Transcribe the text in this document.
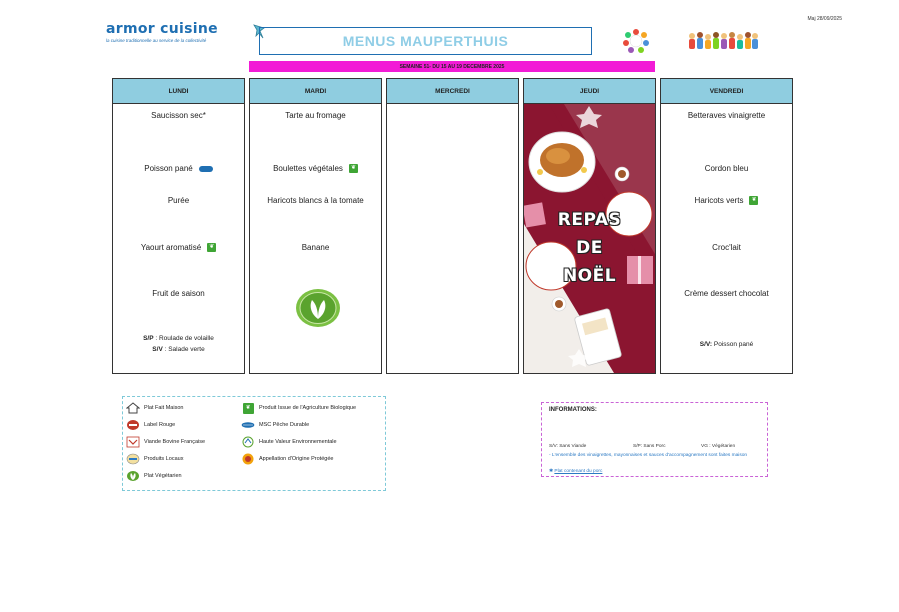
Maj 28/09/2025
armor cuisine
la cuisine traditionnelle au service de la collectivité	MENUS MAUPERTHUIS
SEMAINE 51- DU 15 AU 19 DECEMBRE 2025
LUNDI
Saucisson sec*
Poisson pané
Purée
Yaourt aromatisé	❦
Fruit de saison
S/P : Roulade de volaille
S/V : Salade verte
MARDI
Tarte au fromage
Boulettes végétales	❦
Haricots blancs à la tomate
Banane
MERCREDI	JEUDI
REPAS
DE
NOËL
VENDREDI
Betteraves vinaigrette
Cordon bleu
Haricots verts	❦
Croc'lait
Crème dessert chocolat
S/V: Poisson pané
Plat Fait Maison
Label Rouge
Viande Bovine Française
Produits Locaux
Plat Végétarien
❦	Produit Issue de l'Agriculture Biologique
MSC Pêche Durable
Haute Valeur Environnementale
Appellation d'Origine Protégée
INFORMATIONS:
S/V: Sans Viande	S/P: Sans Porc	VG : Végétarien
- L'ensemble des vinaigrettes, mayonnaises et sauces d'accompagnement sont faites maison
✱ Plat contenant du porc
